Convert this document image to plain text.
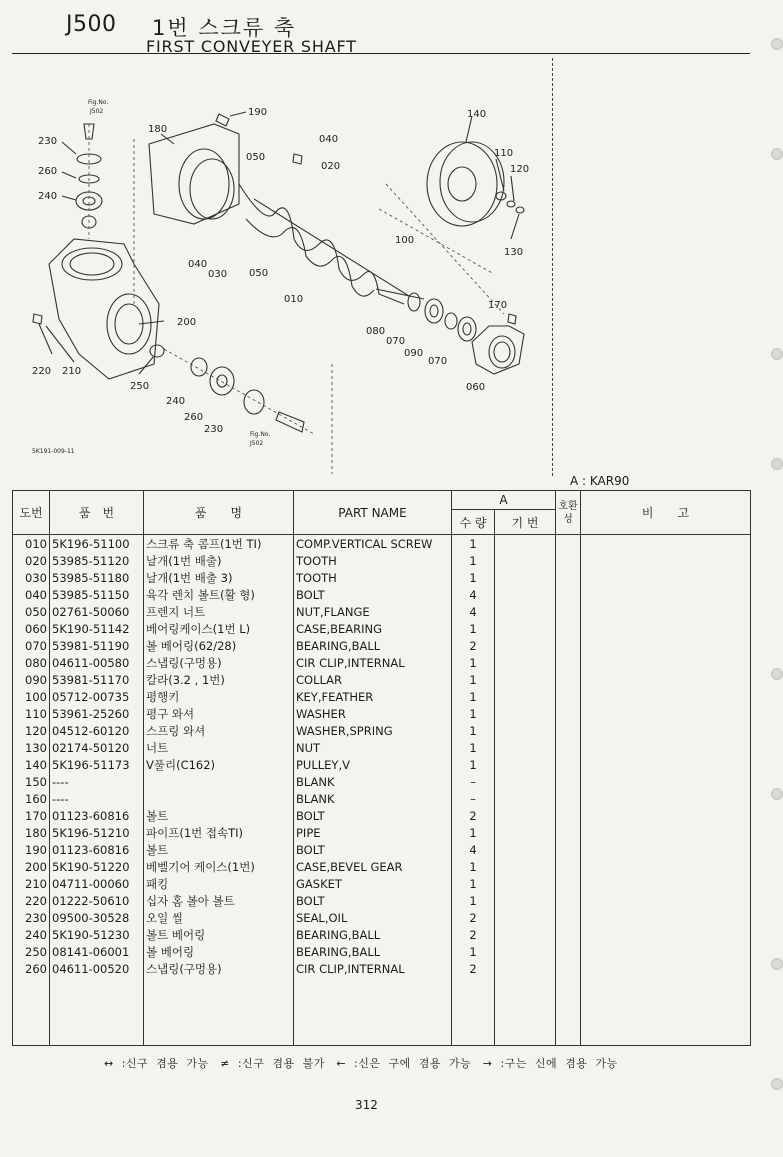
J500 1번 스크류 축
FIRST CONVEYER SHAFT
190
180
230
260
240
050
040
020
140
110
120
130
100
040
030 050
010
200
170
080
070
090
070
060
220 210
250
240
260
230
Fig.No.
J502
Fig.No.
J502
5K191-009-11
A : KAR90
도번	품　번	품　　명	PART NAME	A		호환성	비　　고
				수 량	기 번		
010	5K196-51100	스크류 축 콤프(1번 TI)	COMP.VERTICAL SCREW	1			
020	53985-51120	날개(1번 배출)	TOOTH	1			
030	53985-51180	날개(1번 배출 3)	TOOTH	1			
040	53985-51150	육각 렌치 볼트(활 형)	BOLT	4			
050	02761-50060	프렌지 너트	NUT,FLANGE	4			
060	5K190-51142	베어링케이스(1번 L)	CASE,BEARING	1			
070	53981-51190	볼 베어링(62/28)	BEARING,BALL	2			
080	04611-00580	스냅링(구멍용)	CIR CLIP,INTERNAL	1			
090	53981-51170	칼라(3.2 , 1번)	COLLAR	1			
100	05712-00735	평행키	KEY,FEATHER	1			
110	53961-25260	평구 와셔	WASHER	1			
120	04512-60120	스프링 와셔	WASHER,SPRING	1			
130	02174-50120	너트	NUT	1			
140	5K196-51173	V풀리(C162)	PULLEY,V	1			
150	----		BLANK	–			
160	----		BLANK	–			
170	01123-60816	볼트	BOLT	2			
180	5K196-51210	파이프(1번 접속TI)	PIPE	1			
190	01123-60816	볼트	BOLT	4			
200	5K190-51220	베벨기어 케이스(1번)	CASE,BEVEL GEAR	1			
210	04711-00060	패킹	GASKET	1			
220	01222-50610	십자 홈 볼아 볼트	BOLT	1			
230	09500-30528	오일 씰	SEAL,OIL	2			
240	5K190-51230	볼트 베어링	BEARING,BALL	2			
250	08141-06001	볼 베어링	BEARING,BALL	1			
260	04611-00520	스냅링(구멍용)	CIR CLIP,INTERNAL	2			

↔ :신구 겸용 가능　≠ :신구 겸용 불가　← :신은 구에 겸용 가능　→ :구는 신에 겸용 가능
312
